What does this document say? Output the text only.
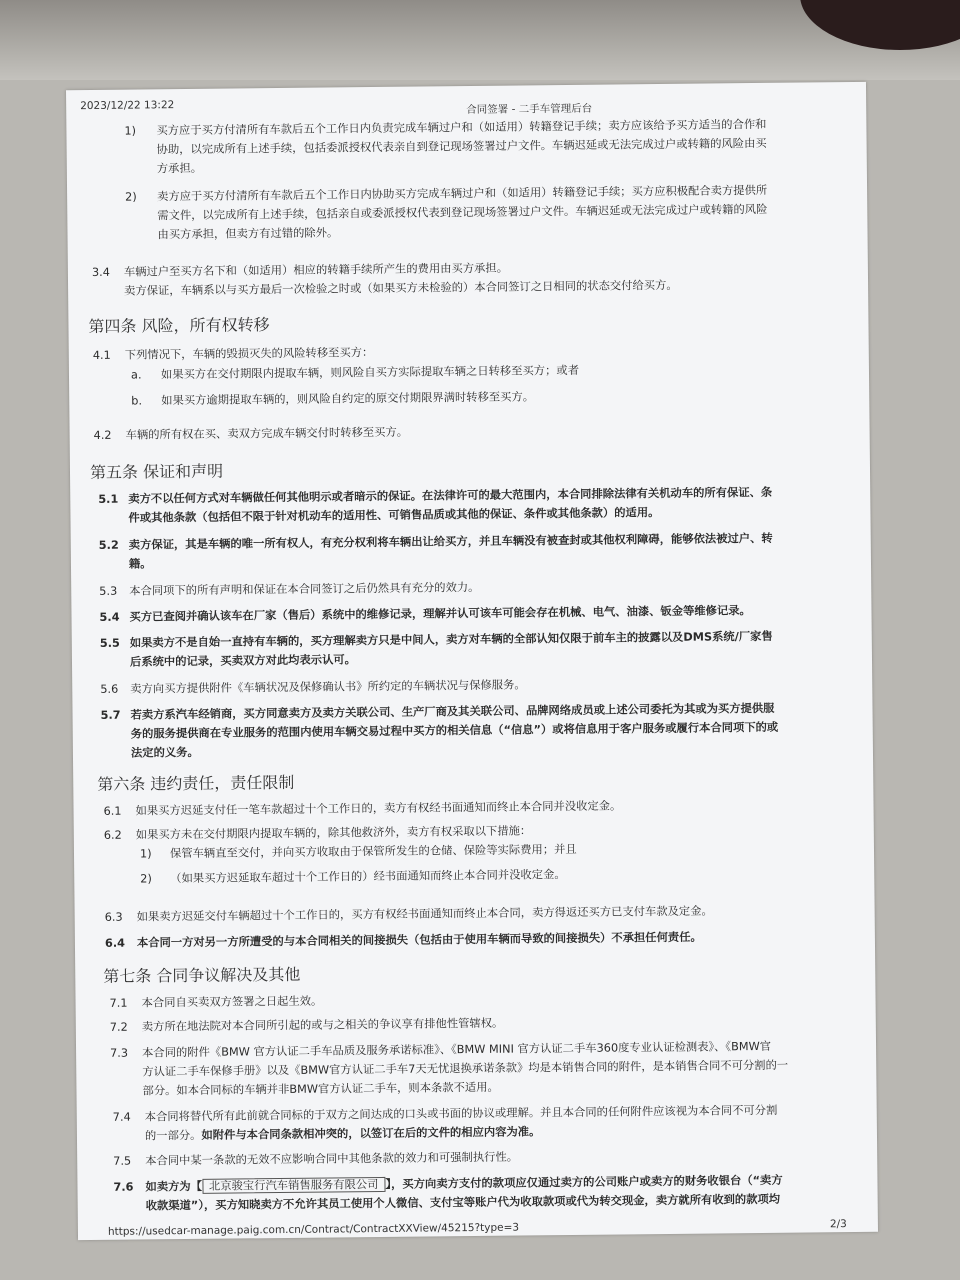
2023/12/22 13:22	合同签署 - 二手车管理后台
1) 买方应于买方付清所有车款后五个工作日内负责完成车辆过户和（如适用）转籍登记手续；卖方应该给予买方适当的合作和
协助，以完成所有上述手续，包括委派授权代表亲自到登记现场签署过户文件。车辆迟延或无法完成过户或转籍的风险由买
方承担。
2) 卖方应于买方付清所有车款后五个工作日内协助买方完成车辆过户和（如适用）转籍登记手续；买方应积极配合卖方提供所
需文件，以完成所有上述手续，包括亲自或委派授权代表到登记现场签署过户文件。车辆迟延或无法完成过户或转籍的风险
由买方承担，但卖方有过错的除外。
3.4 车辆过户至买方名下和（如适用）相应的转籍手续所产生的费用由买方承担。
卖方保证，车辆系以与买方最后一次检验之时或（如果买方未检验的）本合同签订之日相同的状态交付给买方。
第四条 风险，所有权转移
4.1 下列情况下，车辆的毁损灭失的风险转移至买方：
a. 如果买方在交付期限内提取车辆，则风险自买方实际提取车辆之日转移至买方；或者
b. 如果买方逾期提取车辆的，则风险自约定的原交付期限界满时转移至买方。
4.2 车辆的所有权在买、卖双方完成车辆交付时转移至买方。
第五条 保证和声明
5.1 卖方不以任何方式对车辆做任何其他明示或者暗示的保证。在法律许可的最大范围内，本合同排除法律有关机动车的所有保证、条
件或其他条款（包括但不限于针对机动车的适用性、可销售品质或其他的保证、条件或其他条款）的适用。
5.2 卖方保证，其是车辆的唯一所有权人，有充分权利将车辆出让给买方，并且车辆没有被查封或其他权利障碍，能够依法被过户、转
籍。
5.3 本合同项下的所有声明和保证在本合同签订之后仍然具有充分的效力。
5.4 买方已查阅并确认该车在厂家（售后）系统中的维修记录，理解并认可该车可能会存在机械、电气、油漆、钣金等维修记录。
5.5 如果卖方不是自始一直持有车辆的，买方理解卖方只是中间人，卖方对车辆的全部认知仅限于前车主的披露以及DMS系统/厂家售
后系统中的记录，买卖双方对此均表示认可。
5.6 卖方向买方提供附件《车辆状况及保修确认书》所约定的车辆状况与保修服务。
5.7 若卖方系汽车经销商，买方同意卖方及卖方关联公司、生产厂商及其关联公司、品牌网络成员或上述公司委托为其或为买方提供服
务的服务提供商在专业服务的范围内使用车辆交易过程中买方的相关信息（“信息”）或将信息用于客户服务或履行本合同项下的或
法定的义务。
第六条 违约责任，责任限制
6.1 如果买方迟延支付任一笔车款超过十个工作日的，卖方有权经书面通知而终止本合同并没收定金。
6.2 如果买方未在交付期限内提取车辆的，除其他救济外，卖方有权采取以下措施：
1) 保管车辆直至交付，并向买方收取由于保管所发生的仓储、保险等实际费用；并且
2) （如果买方迟延取车超过十个工作日的）经书面通知而终止本合同并没收定金。
6.3 如果卖方迟延交付车辆超过十个工作日的，买方有权经书面通知而终止本合同，卖方得返还买方已支付车款及定金。
6.4 本合同一方对另一方所遭受的与本合同相关的间接损失（包括由于使用车辆而导致的间接损失）不承担任何责任。
第七条 合同争议解决及其他
7.1 本合同自买卖双方签署之日起生效。
7.2 卖方所在地法院对本合同所引起的或与之相关的争议享有排他性管辖权。
7.3 本合同的附件《BMW 官方认证二手车品质及服务承诺标准》、《BMW MINI 官方认证二手车360度专业认证检测表》、《BMW官
方认证二手车保修手册》以及《BMW官方认证二手车7天无忧退换承诺条款》均是本销售合同的附件，是本销售合同不可分割的一
部分。如本合同标的车辆并非BMW官方认证二手车，则本条款不适用。
7.4 本合同将替代所有此前就合同标的于双方之间达成的口头或书面的协议或理解。并且本合同的任何附件应该视为本合同不可分割
的一部分。如附件与本合同条款相冲突的，以签订在后的文件的相应内容为准。
7.5 本合同中某一条款的无效不应影响合同中其他条款的效力和可强制执行性。
7.6 如卖方为【 北京骏宝行汽车销售服务有限公司 】，买方向卖方支付的款项应仅通过卖方的公司账户或卖方的财务收银台（“卖方
收款渠道”），买方知晓卖方不允许其员工使用个人微信、支付宝等账户代为收取款项或代为转交现金，卖方就所有收到的款项均
https://usedcar-manage.paig.com.cn/Contract/ContractXXView/45215?type=3	2/3
